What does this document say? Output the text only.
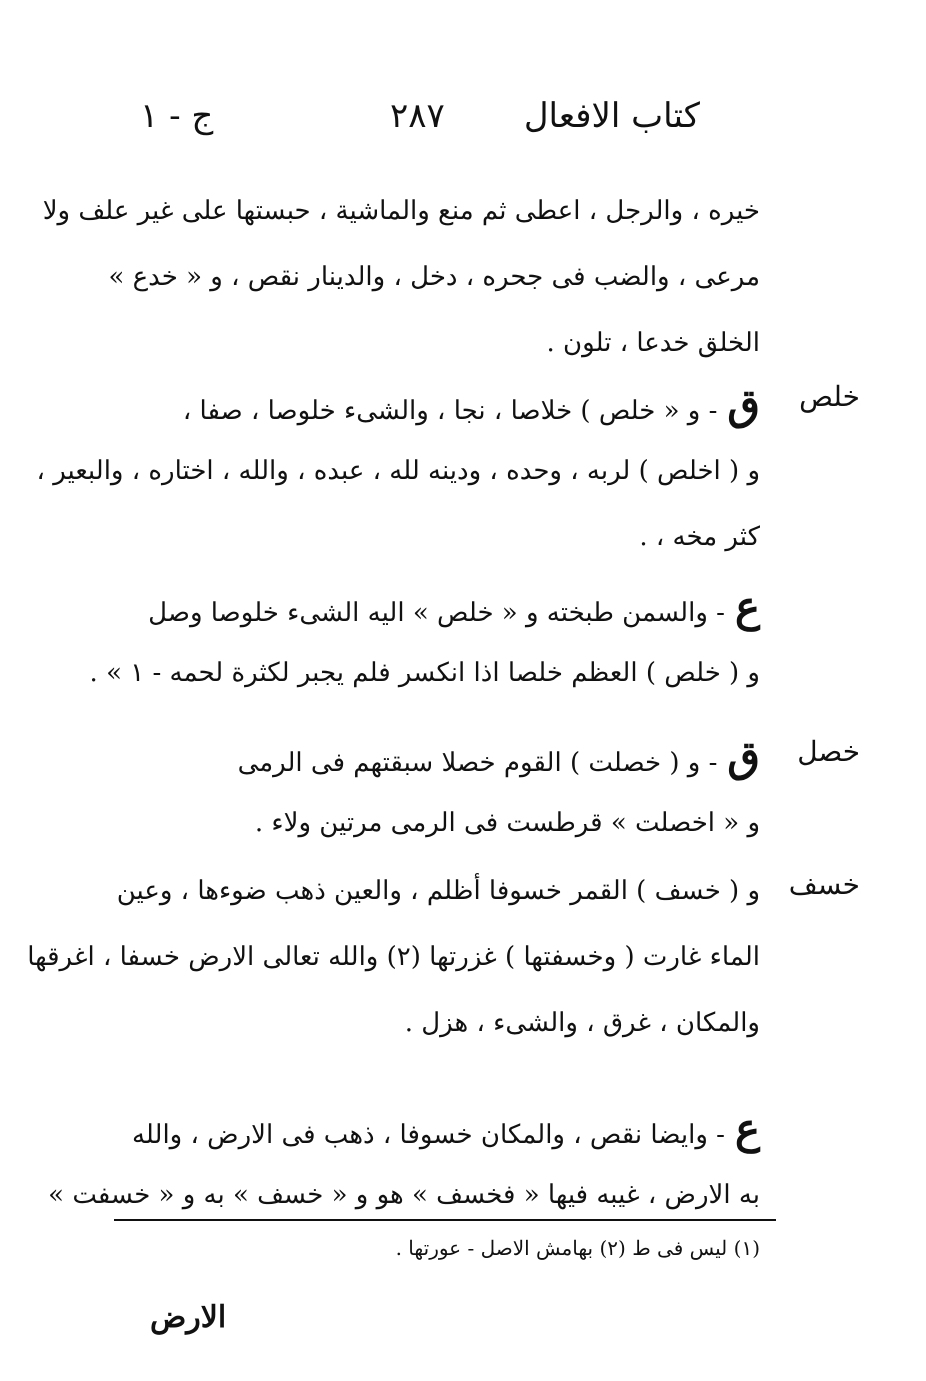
كتاب الافعال
٢٨٧
ج - ١
خيره ، والرجل ، اعطى ثم منع والماشية ، حبستها على غير علف ولا
مرعى ، والضب فى جحره ، دخل ، والدينار نقص ، و « خدع »
الخلق خدعا ، تلون .
خلص
ق- و « خلص ) خلاصا ، نجا ، والشىء خلوصا ، صفا ،
و ( اخلص ) لربه ، وحده ، ودينه لله ، عبده ، والله ، اختاره ، والبعير ،
كثر مخه ، .
ع- والسمن طبخته و « خلص » اليه الشىء خلوصا وصل
و ( خلص ) العظم خلصا اذا انكسر فلم يجبر لكثرة لحمه - ١ » .
خصل
ق- و ( خصلت ) القوم خصلا سبقتهم فى الرمى
و « اخصلت » قرطست فى الرمى مرتين ولاء .
خسف
و ( خسف ) القمر خسوفا أظلم ، والعين ذهب ضوءها ، وعين
الماء غارت ( وخسفتها ) غزرتها (٢) والله تعالى الارض خسفا ، اغرقها
والمكان ، غرق ، والشىء ، هزل .
ع- وايضا نقص ، والمكان خسوفا ، ذهب فى الارض ، والله
به الارض ، غيبه فيها « فخسف » هو و « خسف » به و « خسفت »
(١) ليس فى ط (٢) بهامش الاصل - عورتها .
الارض
